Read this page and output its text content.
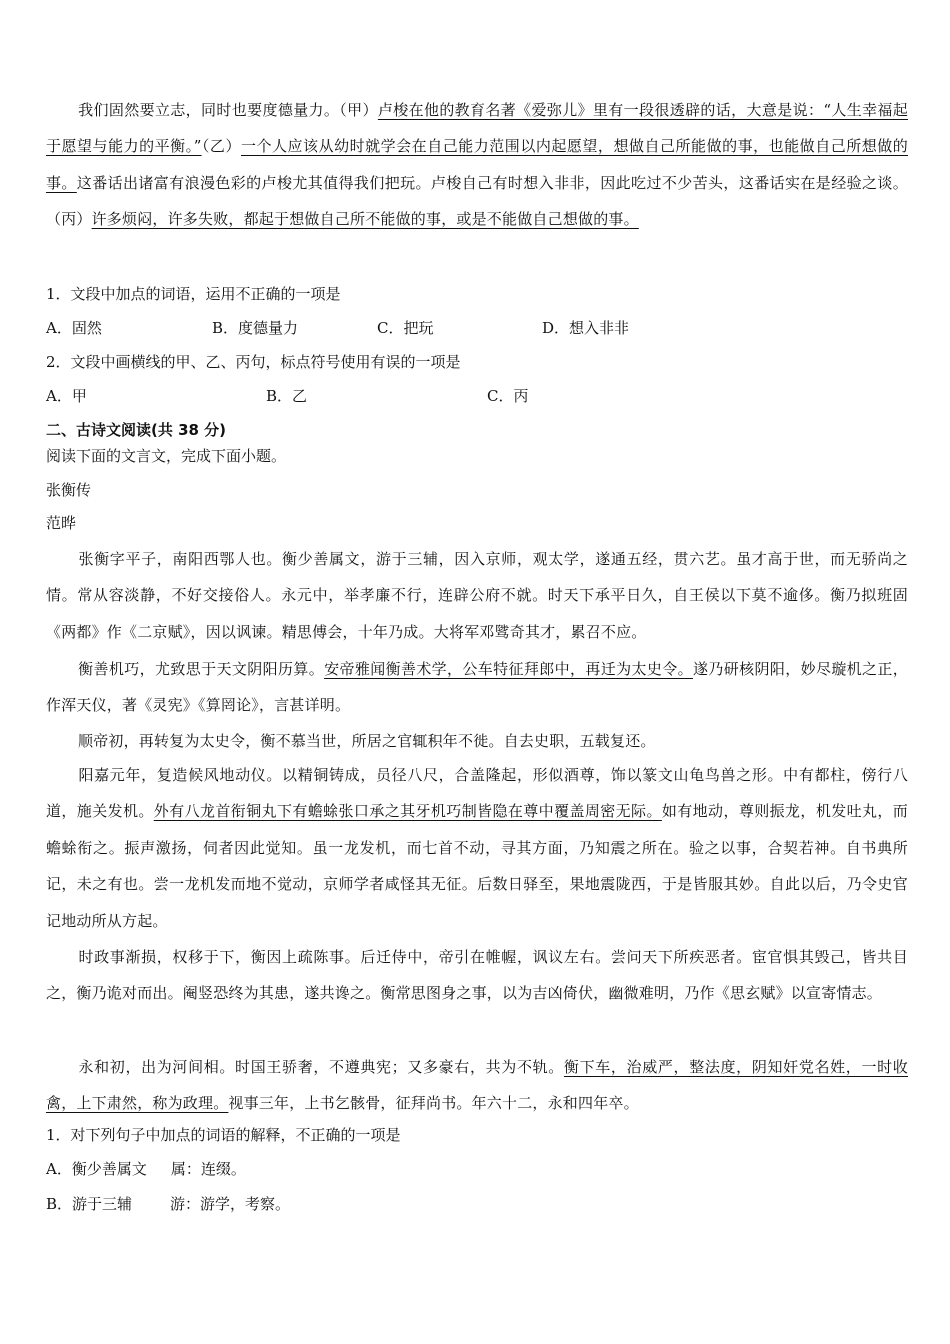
我们固然要立志，同时也要度德量力。（甲）卢梭在他的教育名著《爱弥儿》里有一段很透辟的话，大意是说：“人生幸福起于愿望与能力的平衡。”（乙）一个人应该从幼时就学会在自己能力范围以内起愿望，想做自己所能做的事，也能做自己所想做的事。这番话出诸富有浪漫色彩的卢梭尤其值得我们把玩。卢梭自己有时想入非非，因此吃过不少苦头，这番话实在是经验之谈。（丙）许多烦闷，许多失败，都起于想做自己所不能做的事，或是不能做自己想做的事。

1．文段中加点的词语，运用不正确的一项是
A．固然	B．度德量力	C．把玩	D．想入非非
2．文段中画横线的甲、乙、丙句，标点符号使用有误的一项是
A．甲	B．乙	C．丙
二、古诗文阅读(共 38 分)
阅读下面的文言文，完成下面小题。
张衡传
范晔

张衡字平子，南阳西鄂人也。衡少善属文，游于三辅，因入京师，观太学，遂通五经，贯六艺。虽才高于世，而无骄尚之情。常从容淡静，不好交接俗人。永元中，举孝廉不行，连辟公府不就。时天下承平日久，自王侯以下莫不逾侈。衡乃拟班固《两都》作《二京赋》，因以讽谏。精思傅会，十年乃成。大将军邓骘奇其才，累召不应。

衡善机巧，尤致思于天文阴阳历算。安帝雅闻衡善术学，公车特征拜郎中，再迁为太史令。遂乃研核阴阳，妙尽璇机之正，作浑天仪，著《灵宪》《算罔论》，言甚详明。

顺帝初，再转复为太史令，衡不慕当世，所居之官辄积年不徙。自去史职，五载复还。

阳嘉元年，复造候风地动仪。以精铜铸成，员径八尺，合盖隆起，形似酒尊，饰以篆文山龟鸟兽之形。中有都柱，傍行八道，施关发机。外有八龙首衔铜丸下有蟾蜍张口承之其牙机巧制皆隐在尊中覆盖周密无际。如有地动，尊则振龙，机发吐丸，而蟾蜍衔之。振声激扬，伺者因此觉知。虽一龙发机，而七首不动，寻其方面，乃知震之所在。验之以事，合契若神。自书典所记，未之有也。尝一龙机发而地不觉动，京师学者咸怪其无征。后数日驿至，果地震陇西，于是皆服其妙。自此以后，乃令史官记地动所从方起。

时政事渐损，权移于下，衡因上疏陈事。后迁侍中，帝引在帷幄，讽议左右。尝问天下所疾恶者。宦官惧其毁己，皆共目之，衡乃诡对而出。阉竖恐终为其患，遂共谗之。衡常思图身之事，以为吉凶倚伏，幽微难明，乃作《思玄赋》以宣寄情志。

永和初，出为河间相。时国王骄奢，不遵典宪；又多豪右，共为不轨。衡下车，治威严，整法度，阴知奸党名姓，一时收禽，上下肃然，称为政理。视事三年，上书乞骸骨，征拜尚书。年六十二，永和四年卒。

1．对下列句子中加点的词语的解释，不正确的一项是
A．衡少善属文 属：连缀。
B．游于三辅	游：游学，考察。
